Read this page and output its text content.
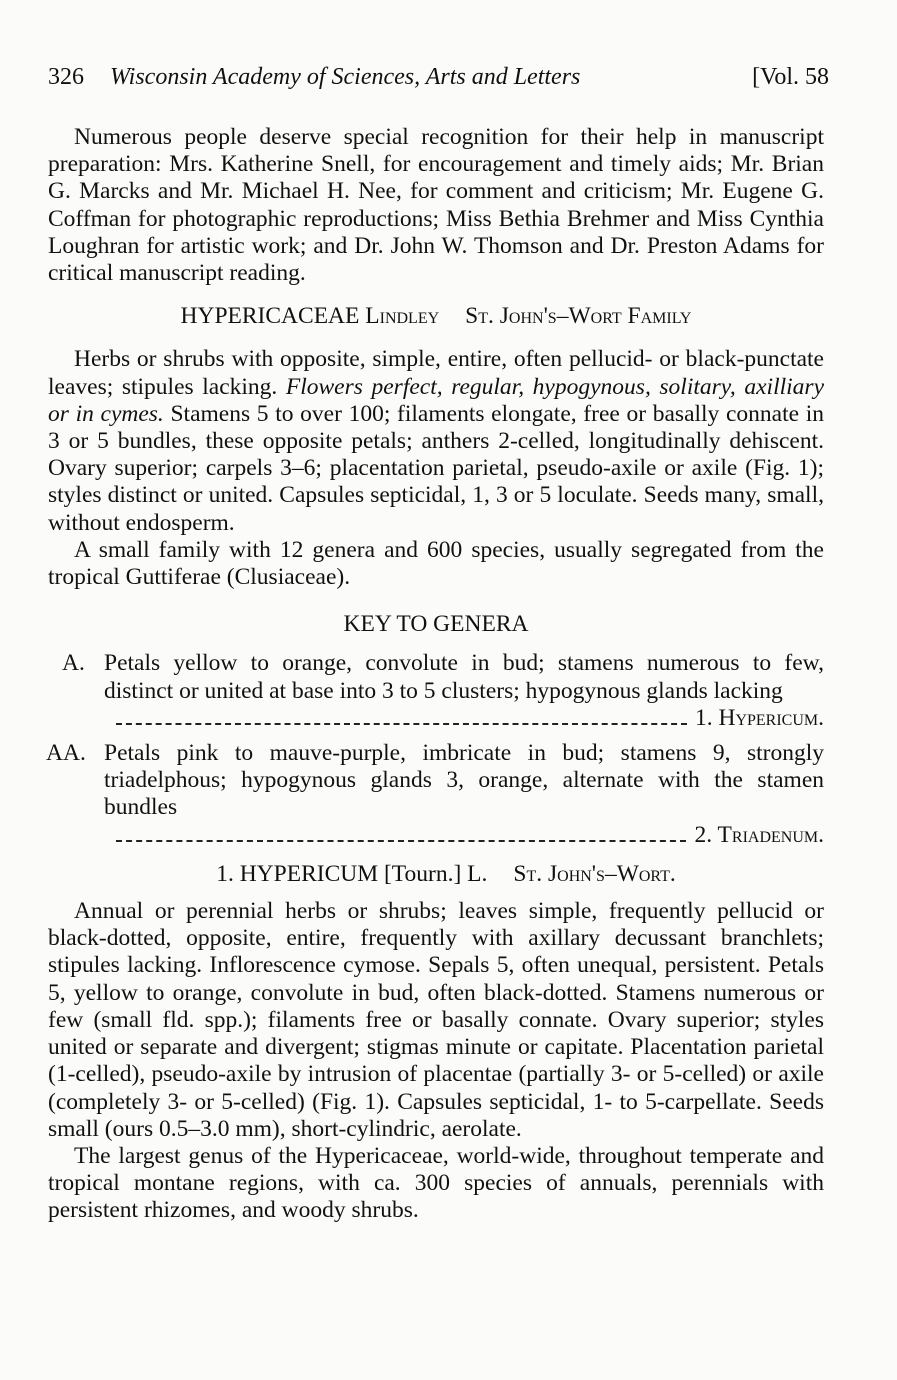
326 Wisconsin Academy of Sciences, Arts and Letters	[Vol. 58

Numerous people deserve special recognition for their help in manuscript preparation: Mrs. Katherine Snell, for encouragement and timely aids; Mr. Brian G. Marcks and Mr. Michael H. Nee, for comment and criticism; Mr. Eugene G. Coffman for photographic reproductions; Miss Bethia Brehmer and Miss Cynthia Loughran for artistic work; and Dr. John W. Thomson and Dr. Preston Adams for critical manuscript reading.

HYPERICACEAE Lindley St. John's–Wort Family

Herbs or shrubs with opposite, simple, entire, often pellucid- or black-punctate leaves; stipules lacking. Flowers perfect, regular, hypogynous, solitary, axilliary or in cymes. Stamens 5 to over 100; filaments elongate, free or basally connate in 3 or 5 bundles, these opposite petals; anthers 2-celled, longitudinally dehiscent. Ovary superior; carpels 3–6; placentation parietal, pseudo-axile or axile (Fig. 1); styles distinct or united. Capsules septicidal, 1, 3 or 5 loculate. Seeds many, small, without endosperm.

A small family with 12 genera and 600 species, usually segregated from the tropical Guttiferae (Clusiaceae).

KEY TO GENERA
A. Petals yellow to orange, convolute in bud; stamens numerous to few, distinct or united at base into 3 to 5 clusters; hypogynous glands lacking
1. Hypericum.
AA. Petals pink to mauve-purple, imbricate in bud; stamens 9, strongly triadelphous; hypogynous glands 3, orange, alternate with the stamen bundles
2. Triadenum.
1. HYPERICUM [Tourn.] L. St. John's–Wort.

Annual or perennial herbs or shrubs; leaves simple, frequently pellucid or black-dotted, opposite, entire, frequently with axillary decussant branchlets; stipules lacking. Inflorescence cymose. Sepals 5, often unequal, persistent. Petals 5, yellow to orange, convolute in bud, often black-dotted. Stamens numerous or few (small fld. spp.); filaments free or basally connate. Ovary superior; styles united or separate and divergent; stigmas minute or capitate. Placentation parietal (1-celled), pseudo-axile by intrusion of placentae (partially 3- or 5-celled) or axile (completely 3- or 5-celled) (Fig. 1). Capsules septicidal, 1- to 5-carpellate. Seeds small (ours 0.5–3.0 mm), short-cylindric, aerolate.

The largest genus of the Hypericaceae, world-wide, throughout temperate and tropical montane regions, with ca. 300 species of annuals, perennials with persistent rhizomes, and woody shrubs.
